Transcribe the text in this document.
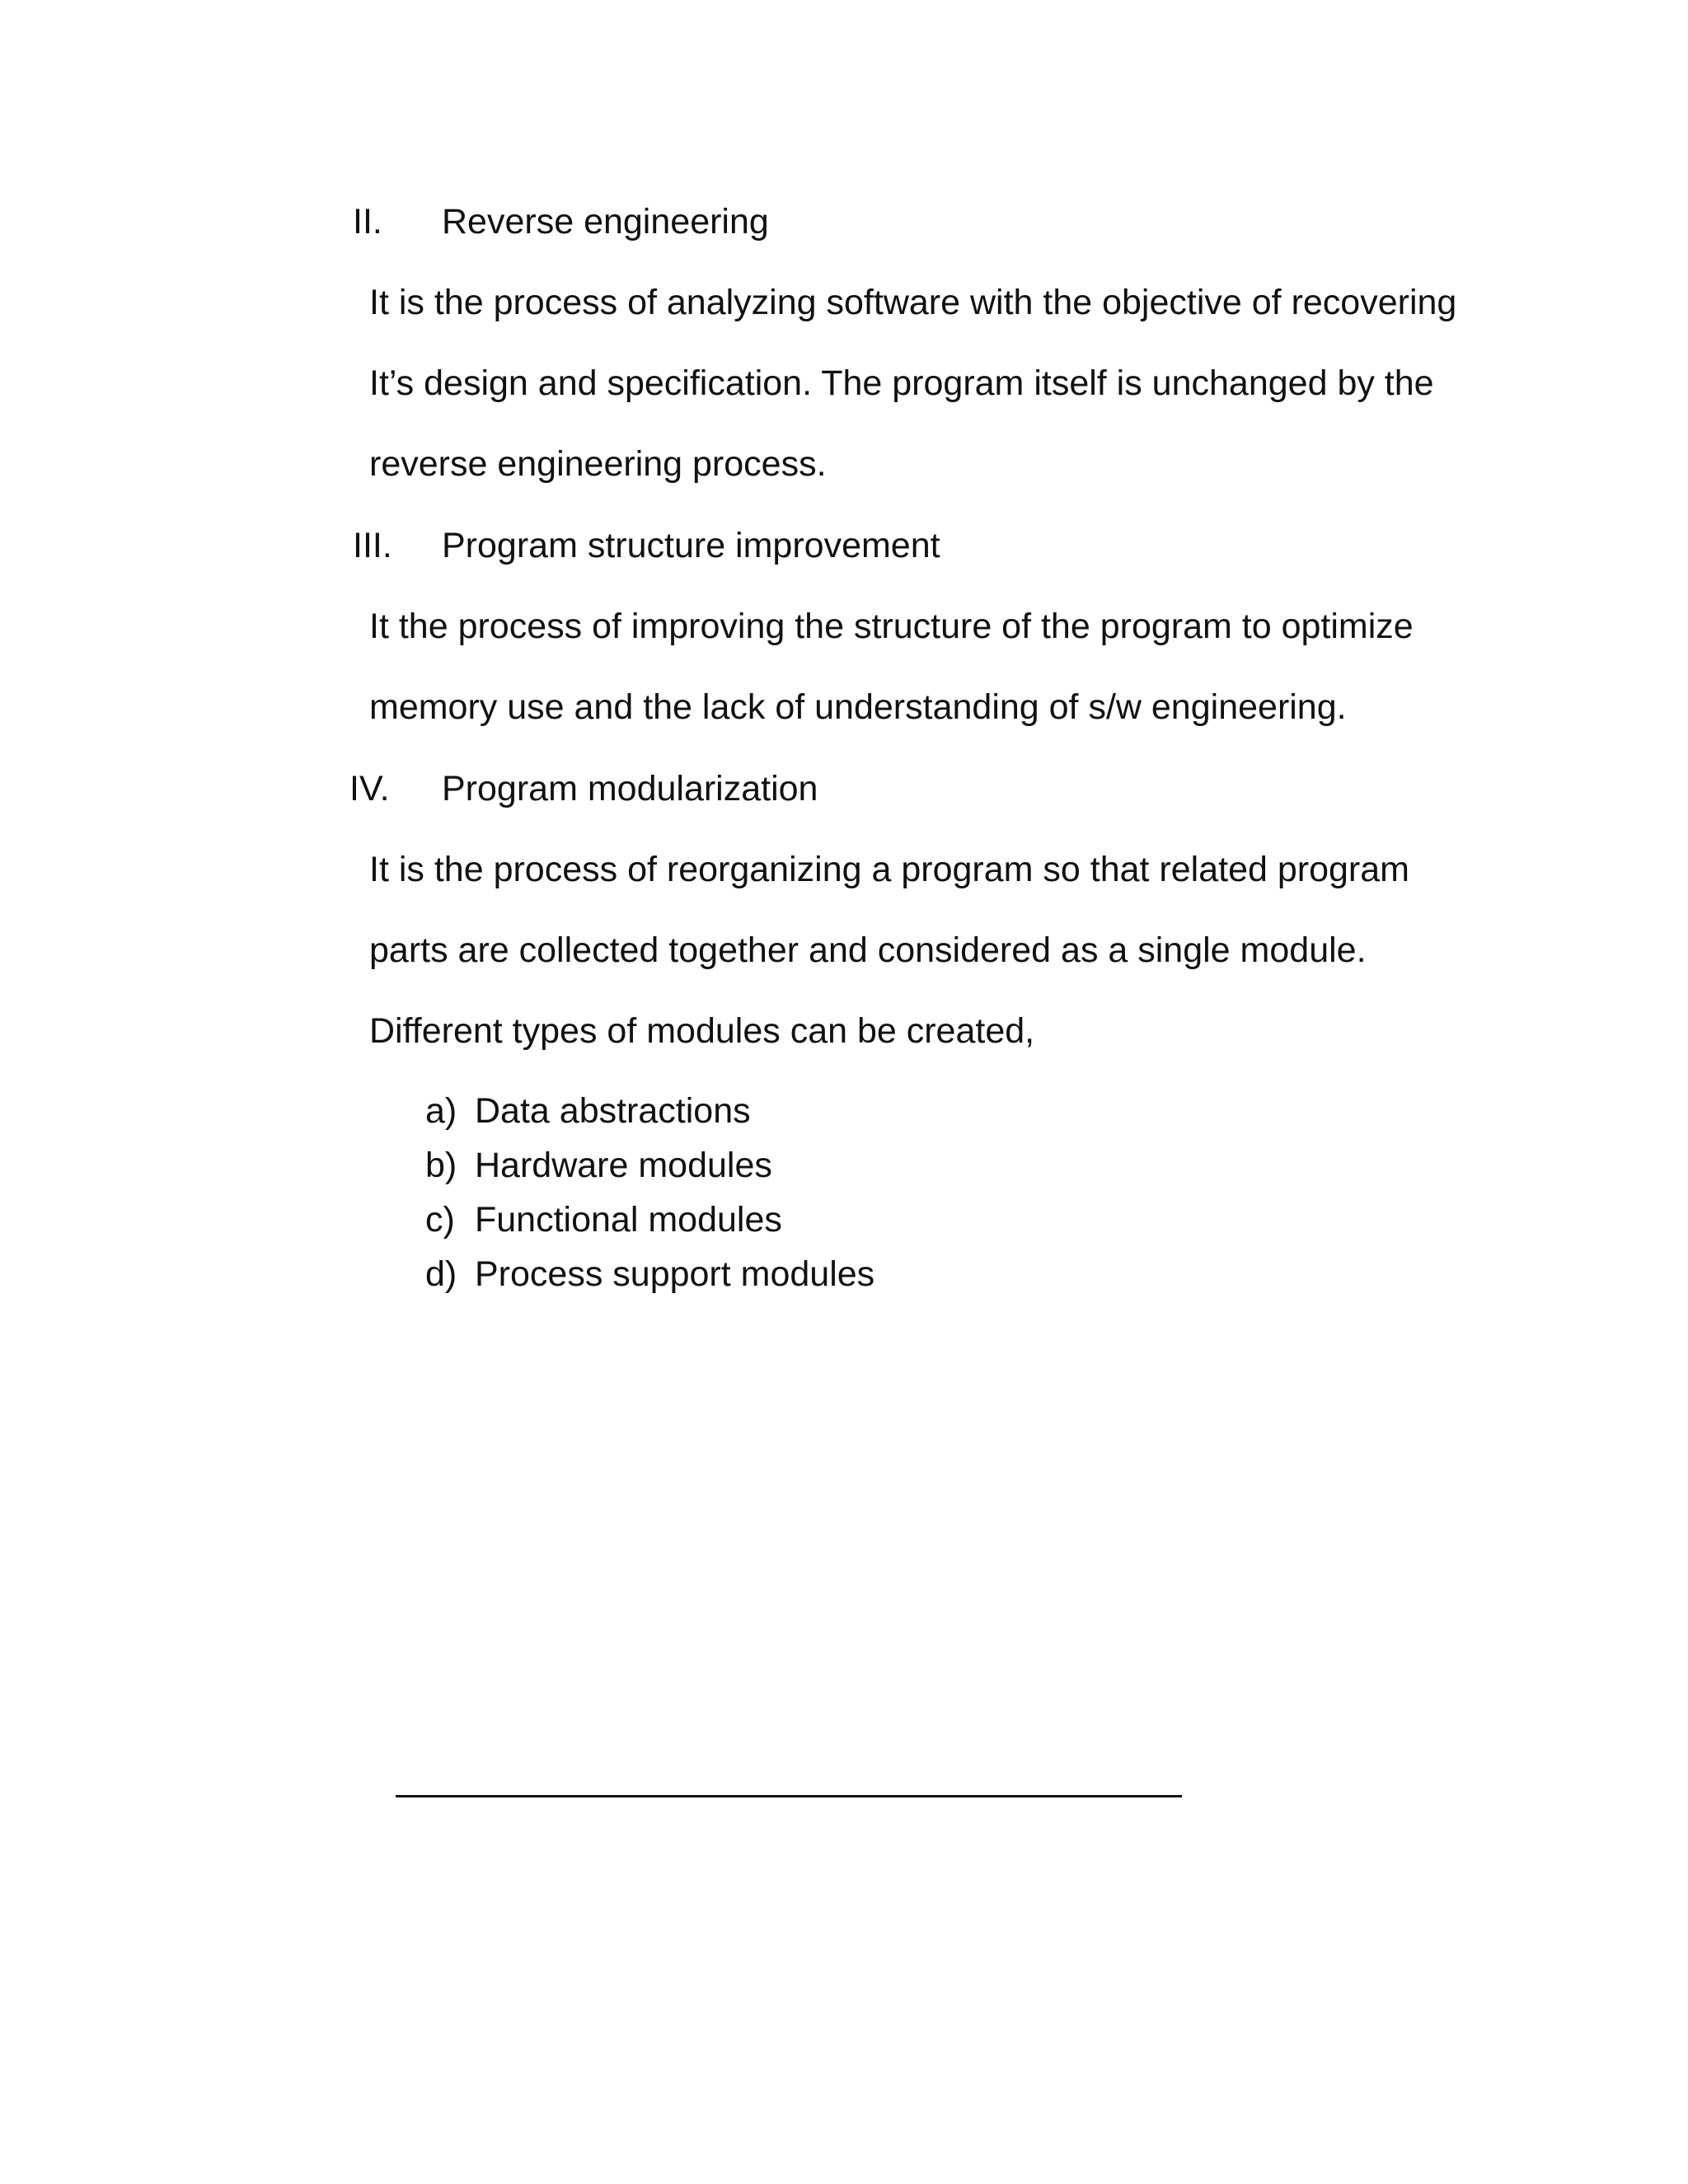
II. Reverse engineering
It is the process of analyzing software with the objective of recovering
It’s design and specification. The program itself is unchanged by the
reverse engineering process.
III. Program structure improvement
It the process of improving the structure of the program to optimize
memory use and the lack of understanding of s/w engineering.
IV. Program modularization
It is the process of reorganizing a program so that related program
parts are collected together and considered as a single module.
Different types of modules can be created,
a) Data abstractions
b) Hardware modules
c) Functional modules
d) Process support modules
